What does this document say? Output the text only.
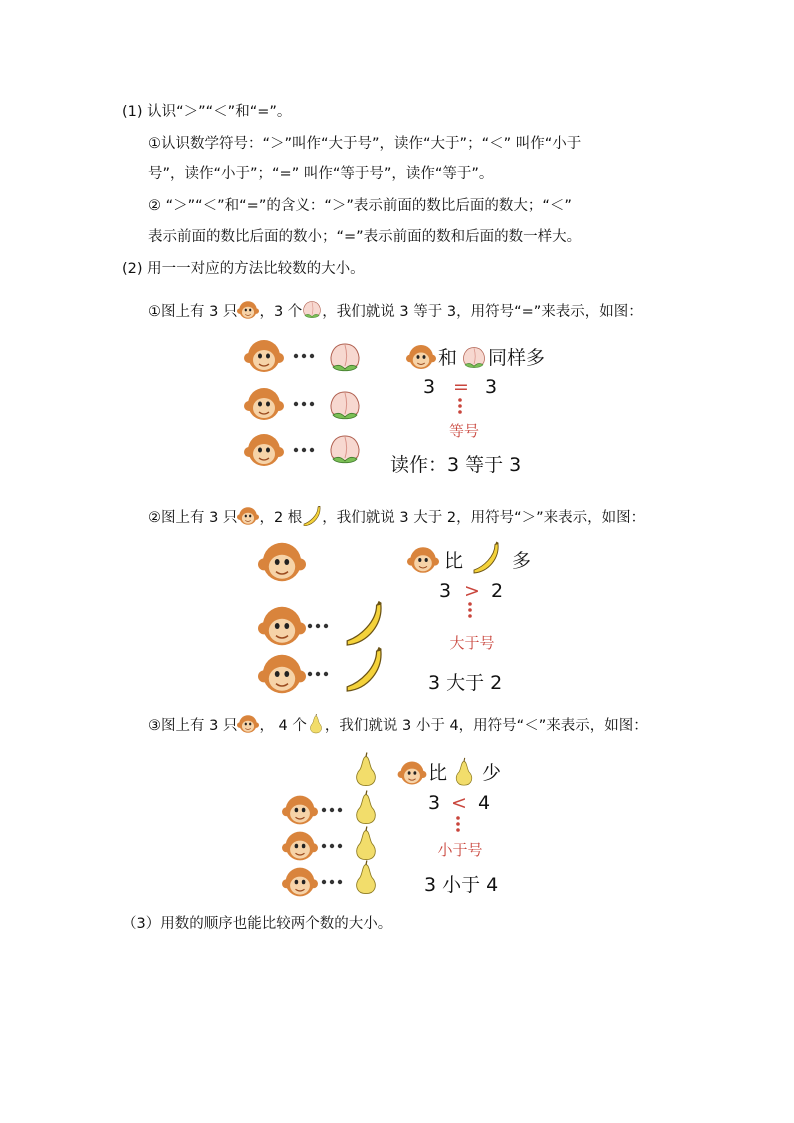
(1) 认识“＞”“＜”和“=”。
①认识数学符号：“＞”叫作“大于号”，读作“大于”；“＜” 叫作“小于
号”，读作“小于”；“=” 叫作“等于号”，读作“等于”。
② “＞”“＜”和“=”的含义：“＞”表示前面的数比后面的数大；“＜”
表示前面的数比后面的数小；“=”表示前面的数和后面的数一样大。
(2) 用一一对应的方法比较数的大小。
①图上有 3 只 ，3 个 ，我们就说 3 等于 3，用符号“=”来表示，如图：
和 同样多
3 = 3
等号
读作：3 等于 3
②图上有 3 只 ，2 根 ，我们就说 3 大于 2，用符号“＞”来表示，如图：
比	多
3 > 2
大于号
3 大于 2
③图上有 3 只 ， 4 个 ，我们就说 3 小于 4，用符号“＜”来表示，如图：
比 少
3 < 4
小于号
3 小于 4
（3）用数的顺序也能比较两个数的大小。
